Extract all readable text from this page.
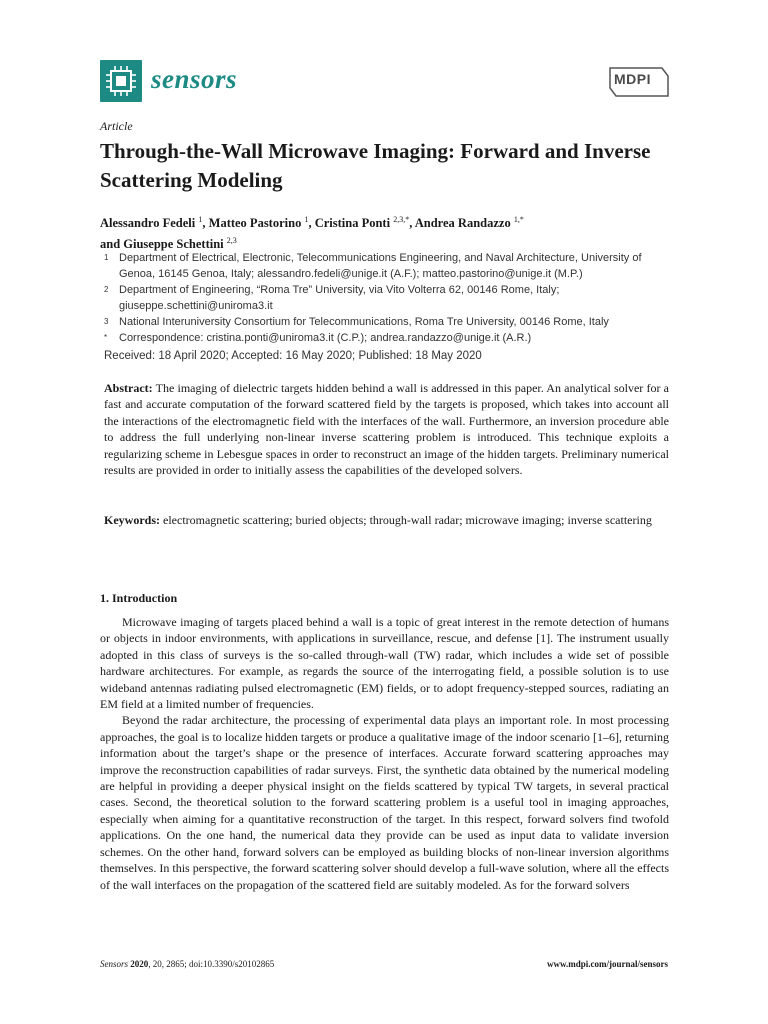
sensors	MDPI
Article
Through-the-Wall Microwave Imaging: Forward and Inverse Scattering Modeling
Alessandro Fedeli $^1$, Matteo Pastorino $^1$, Cristina Ponti $^{2,3,*}$, Andrea Randazzo $^{1,*}$
and Giuseppe Schettini $^{2,3}$
1 Department of Electrical, Electronic, Telecommunications Engineering, and Naval Architecture, University of Genoa, 16145 Genoa, Italy; alessandro.fedeli@unige.it (A.F.); matteo.pastorino@unige.it (M.P.)
2 Department of Engineering, “Roma Tre” University, via Vito Volterra 62, 00146 Rome, Italy; giuseppe.schettini@uniroma3.it
3 National Interuniversity Consortium for Telecommunications, Roma Tre University, 00146 Rome, Italy
*	Correspondence: cristina.ponti@uniroma3.it (C.P.); andrea.randazzo@unige.it (A.R.)
Received: 18 April 2020; Accepted: 16 May 2020; Published: 18 May 2020
Abstract: The imaging of dielectric targets hidden behind a wall is addressed in this paper. An analytical solver for a fast and accurate computation of the forward scattered field by the targets is proposed, which takes into account all the interactions of the electromagnetic field with the interfaces of the wall. Furthermore, an inversion procedure able to address the full underlying non-linear inverse scattering problem is introduced. This technique exploits a regularizing scheme in Lebesgue spaces in order to reconstruct an image of the hidden targets. Preliminary numerical results are provided in order to initially assess the capabilities of the developed solvers.
Keywords: electromagnetic scattering; buried objects; through-wall radar; microwave imaging; inverse scattering
1. Introduction

Microwave imaging of targets placed behind a wall is a topic of great interest in the remote detection of humans or objects in indoor environments, with applications in surveillance, rescue, and defense [1]. The instrument usually adopted in this class of surveys is the so-called through-wall (TW) radar, which includes a wide set of possible hardware architectures. For example, as regards the source of the interrogating field, a possible solution is to use wideband antennas radiating pulsed electromagnetic (EM) fields, or to adopt frequency-stepped sources, radiating an EM field at a limited number of frequencies.

Beyond the radar architecture, the processing of experimental data plays an important role. In most processing approaches, the goal is to localize hidden targets or produce a qualitative image of the indoor scenario [1–6], returning information about the target’s shape or the presence of interfaces. Accurate forward scattering approaches may improve the reconstruction capabilities of radar surveys. First, the synthetic data obtained by the numerical modeling are helpful in providing a deeper physical insight on the fields scattered by typical TW targets, in several practical cases. Second, the theoretical solution to the forward scattering problem is a useful tool in imaging approaches, especially when aiming for a quantitative reconstruction of the target. In this respect, forward solvers find twofold applications. On the one hand, the numerical data they provide can be used as input data to validate inversion schemes. On the other hand, forward solvers can be employed as building blocks of non-linear inversion algorithms themselves. In this perspective, the forward scattering solver should develop a full-wave solution, where all the effects of the wall interfaces on the propagation of the scattered field are suitably modeled. As for the forward solvers

Sensors 2020, 20, 2865; doi:10.3390/s20102865	www.mdpi.com/journal/sensors
